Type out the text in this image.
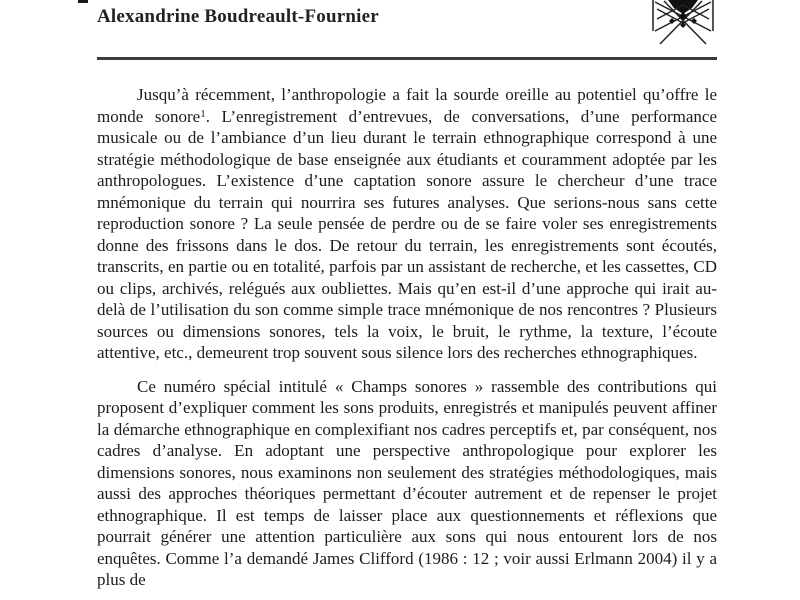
Alexandrine Boudreault-Fournier

Jusqu’à récemment, l’anthropologie a fait la sourde oreille au potentiel qu’offre le monde sonore$^1$. L’enregistrement d’entrevues, de conversations, d’une performance musicale ou de l’ambiance d’un lieu durant le terrain ethnographique correspond à une stratégie méthodologique de base enseignée aux étudiants et couramment adoptée par les anthropologues. L’existence d’une captation sonore assure le chercheur d’une trace mnémonique du terrain qui nourrira ses futures analyses. Que serions-nous sans cette reproduction sonore ? La seule pensée de perdre ou de se faire voler ses enregistrements donne des frissons dans le dos. De retour du terrain, les enregistrements sont écoutés, transcrits, en partie ou en totalité, parfois par un assistant de recherche, et les cassettes, CD ou clips, archivés, relégués aux oubliettes. Mais qu’en est-il d’une approche qui irait au-delà de l’utilisation du son comme simple trace mnémonique de nos rencontres ? Plusieurs sources ou dimensions sonores, tels la voix, le bruit, le rythme, la texture, l’écoute attentive, etc., demeurent trop souvent sous silence lors des recherches ethnographiques.

Ce numéro spécial intitulé « Champs sonores » rassemble des contributions qui proposent d’expliquer comment les sons produits, enregistrés et manipulés peuvent affiner la démarche ethnographique en complexifiant nos cadres perceptifs et, par conséquent, nos cadres d’analyse. En adoptant une perspective anthropologique pour explorer les dimensions sonores, nous examinons non seulement des stratégies méthodologiques, mais aussi des approches théoriques permettant d’écouter autrement et de repenser le projet ethnographique. Il est temps de laisser place aux questionnements et réflexions que pourrait générer une attention particulière aux sons qui nous entourent lors de nos enquêtes. Comme l’a demandé James Clifford (1986 : 12 ; voir aussi Erlmann 2004) il y a plus de
